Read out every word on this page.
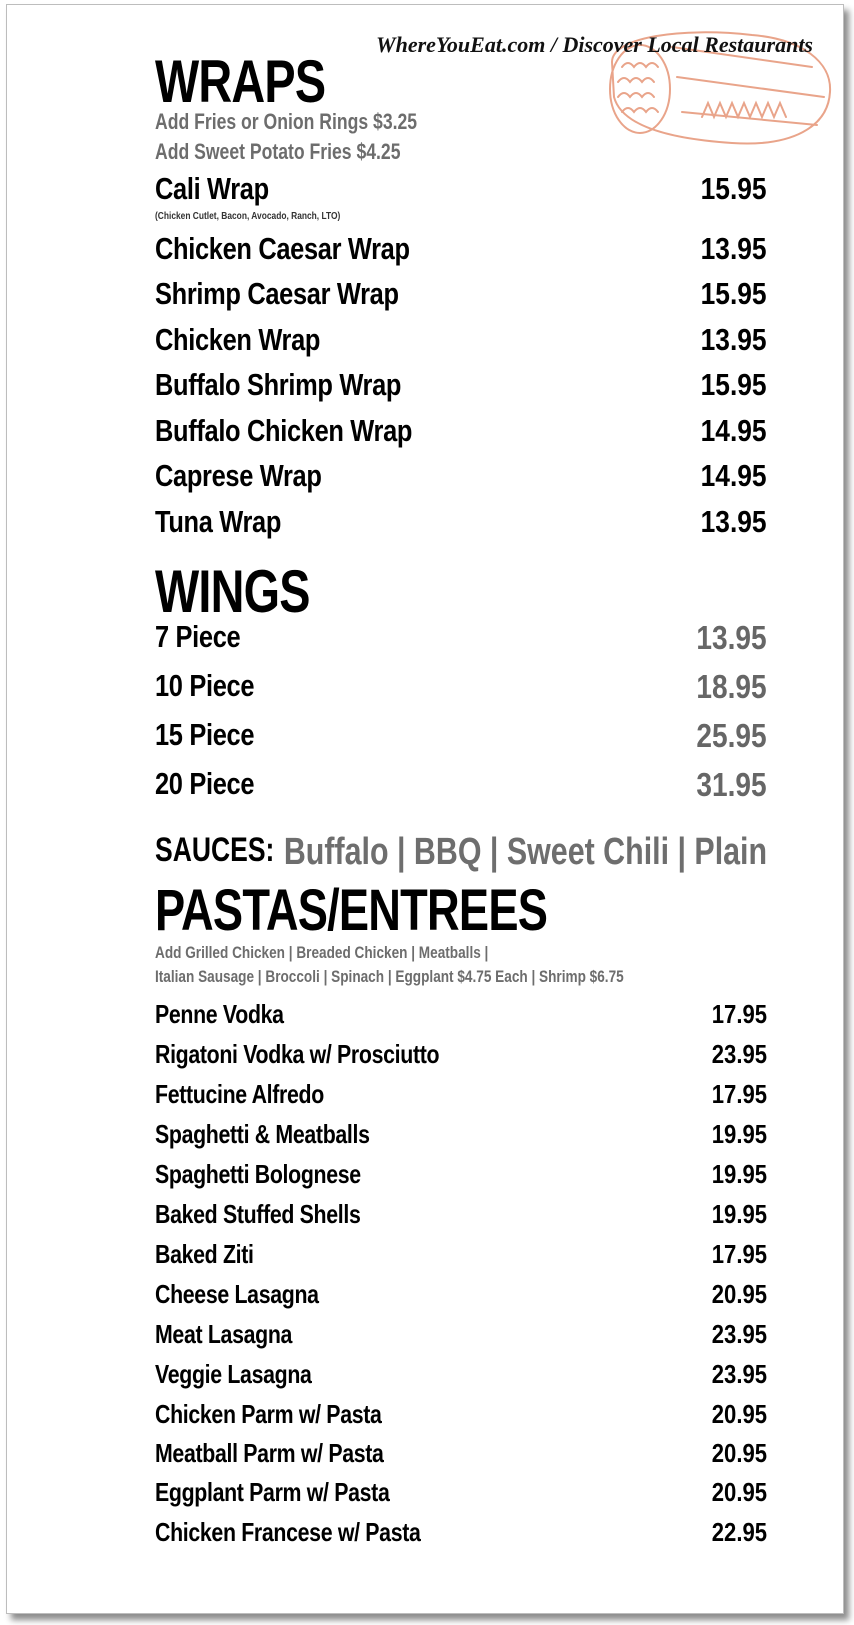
WhereYouEat.com / Discover Local Restaurants
WRAPS
Add Fries or Onion Rings $3.25
Add Sweet Potato Fries $4.25
Cali Wrap	15.95
(Chicken Cutlet, Bacon, Avocado, Ranch, LTO)
Chicken Caesar Wrap	13.95
Shrimp Caesar Wrap	15.95
Chicken Wrap	13.95
Buffalo Shrimp Wrap	15.95
Buffalo Chicken Wrap	14.95
Caprese Wrap	14.95
Tuna Wrap	13.95
WINGS
7 Piece	13.95
10 Piece	18.95
15 Piece	25.95
20 Piece	31.95
SAUCES: Buffalo | BBQ | Sweet Chili | Plain
PASTAS/ENTREES
Add Grilled Chicken | Breaded Chicken | Meatballs |
Italian Sausage | Broccoli | Spinach | Eggplant $4.75 Each | Shrimp $6.75
Penne Vodka	17.95
Rigatoni Vodka w/ Prosciutto	23.95
Fettucine Alfredo	17.95
Spaghetti & Meatballs	19.95
Spaghetti Bolognese	19.95
Baked Stuffed Shells	19.95
Baked Ziti	17.95
Cheese Lasagna	20.95
Meat Lasagna	23.95
Veggie Lasagna	23.95
Chicken Parm w/ Pasta	20.95
Meatball Parm w/ Pasta	20.95
Eggplant Parm w/ Pasta	20.95
Chicken Francese w/ Pasta	22.95
